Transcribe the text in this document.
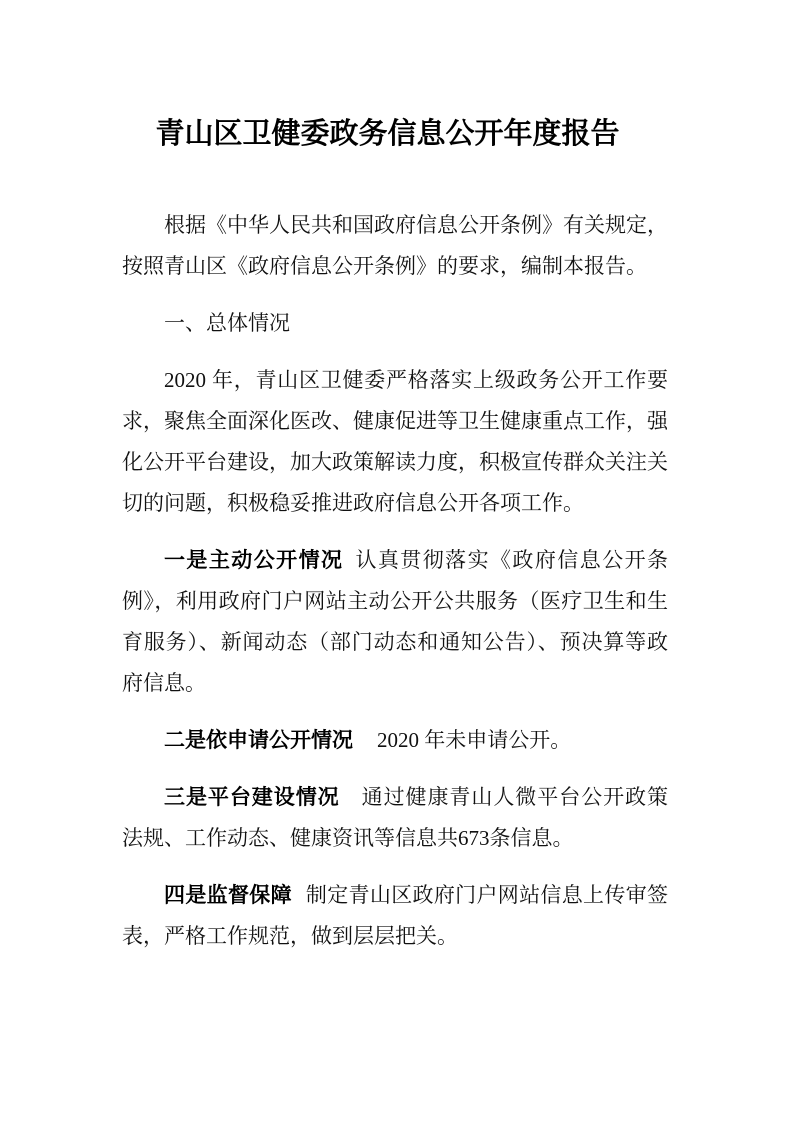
青山区卫健委政务信息公开年度报告
根据《中华人民共和国政府信息公开条例》有关规定，
按照青山区《政府信息公开条例》的要求，编制本报告。
一、总体情况
2020 年，青山区卫健委严格落实上级政务公开工作要
求，聚焦全面深化医改、健康促进等卫生健康重点工作，强
化公开平台建设，加大政策解读力度，积极宣传群众关注关
切的问题，积极稳妥推进政府信息公开各项工作。
一是主动公开情况 认真贯彻落实《政府信息公开条
例》，利用政府门户网站主动公开公共服务（医疗卫生和生
育服务）、新闻动态（部门动态和通知公告）、预决算等政
府信息。
二是依申请公开情况 2020 年未申请公开。
三是平台建设情况 通过健康青山人微平台公开政策
法规、工作动态、健康资讯等信息共673条信息。
四是监督保障 制定青山区政府门户网站信息上传审签
表，严格工作规范，做到层层把关。
